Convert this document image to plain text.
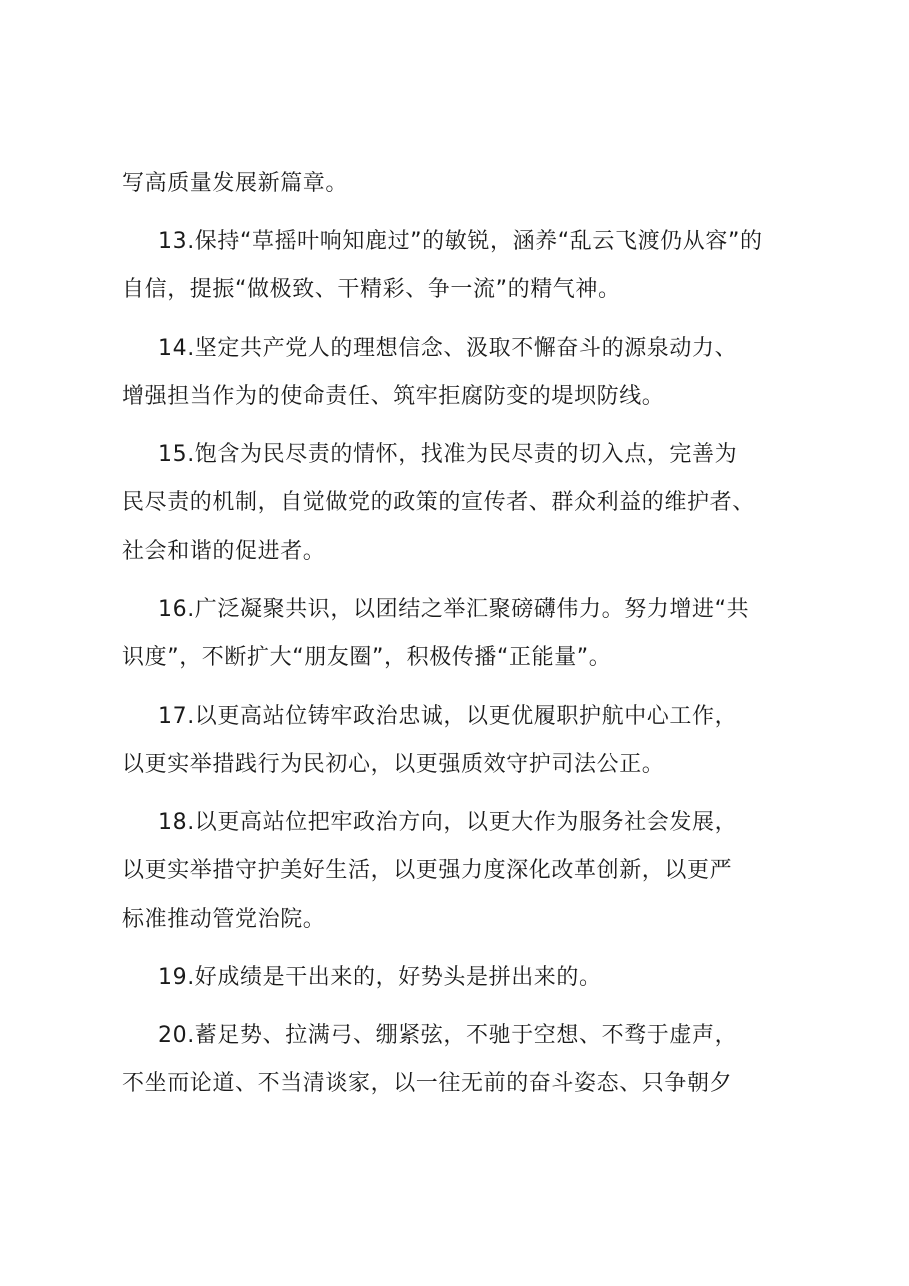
写高质量发展新篇章。
13.保持“草摇叶响知鹿过”的敏锐，涵养“乱云飞渡仍从容”的
自信，提振“做极致、干精彩、争一流”的精气神。
14.坚定共产党人的理想信念、汲取不懈奋斗的源泉动力、
增强担当作为的使命责任、筑牢拒腐防变的堤坝防线。
15.饱含为民尽责的情怀，找准为民尽责的切入点，完善为
民尽责的机制，自觉做党的政策的宣传者、群众利益的维护者、
社会和谐的促进者。
16.广泛凝聚共识，以团结之举汇聚磅礴伟力。努力增进“共
识度”，不断扩大“朋友圈”，积极传播“正能量”。
17.以更高站位铸牢政治忠诚，以更优履职护航中心工作，
以更实举措践行为民初心，以更强质效守护司法公正。
18.以更高站位把牢政治方向，以更大作为服务社会发展，
以更实举措守护美好生活，以更强力度深化改革创新，以更严
标准推动管党治院。
19.好成绩是干出来的，好势头是拼出来的。
20.蓄足势、拉满弓、绷紧弦，不驰于空想、不骛于虚声，
不坐而论道、不当清谈家，以一往无前的奋斗姿态、只争朝夕
